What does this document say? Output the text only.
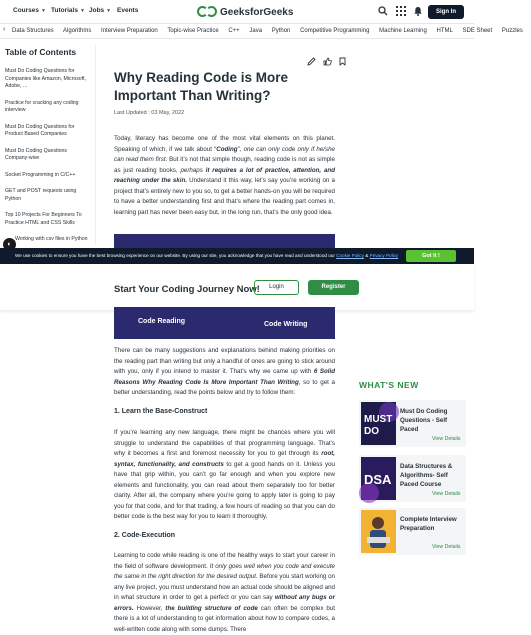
Courses ▼ Tutorials ▼ Jobs ▼ Events	GeeksforGeeks	Sign In
‹ Data Structures Algorithms Interview Preparation Topic-wise Practice C++ Java Python Competitive Programming Machine Learning HTML SDE Sheet Puzzles
Table of Contents
Must Do Coding Questions for Companies like Amazon, Microsoft, Adobe, ...
Practice for cracking any coding interview
Must Do Coding Questions for Product Based Companies
Must Do Coding Questions Company-wise
Socket Programming in C/C++
GET and POST requests using Python
Top 10 Projects For Beginners To Practice HTML and CSS Skills
Working with csv files in Python
◐
Why Reading Code is More Important Than Writing?
Last Updated : 03 May, 2022

Today, literacy has become one of the most vital elements on this planet. Speaking of which, if we talk about “Coding”, one can only code only if he/she can read them first. But it’s not that simple though, reading code is not as simple as just reading books, perhaps it requires a lot of practice, attention, and reaching under the skin. Understand it this way, let’s say you’re working on a project that’s entirely new to you so, to get a better hands-on you will be required to have a better understanding first and that’s where the reading part comes in, learning part has never been easy but, in the long run, that’s the only good idea.

We use cookies to ensure you have the best browsing experience on our website. By using our site, you acknowledge that you have read and understood our Cookie Policy & Privacy Policy	Got It !
Start Your Coding Journey Now!	Login	Register
Code Reading	Code Writing

There can be many suggestions and explanations behind making priorities on the reading part than writing but only a handful of ones are going to stick around with you, only if you intend to master it. That’s why we came up with 6 Solid Reasons Why Reading Code Is More Important Than Writing, so to get a better understanding, read the points below and try to follow them:

1. Learn the Base-Construct

If you’re learning any new language, there might be chances where you will struggle to understand the capabilities of that programming language. That’s why it becomes a first and foremost necessity for you to get through its root, syntax, functionality, and constructs to get a good hands on it. Unless you have that grip within, you can’t go far enough and when you explore new elements and functionality, you can read about them separately too for better clarity. After all, the company where you’re going to apply later is going to pay you for that code, and for that trading, a few hours of reading so that you can do better code is the best way for you to learn it thoroughly.

2. Code-Execution

Learning to code while reading is one of the healthy ways to start your career in the field of software development. It only goes well when you code and execute the same in the right direction for the desired output. Before you start working on any live project, you must understand how an actual code should be aligned and in what structure in order to get a perfect or you can say without any bugs or errors. However, the building structure of code can often be complex but there is a lot of understanding to get information about how to compare codes, a well-written code along with some dumps. There

WHAT'S NEW
MUST
DO
Must Do Coding Questions - Self Paced
View Details
DSA
Data Structures & Algorithms- Self Paced Course
View Details
Complete Interview Preparation
View Details
